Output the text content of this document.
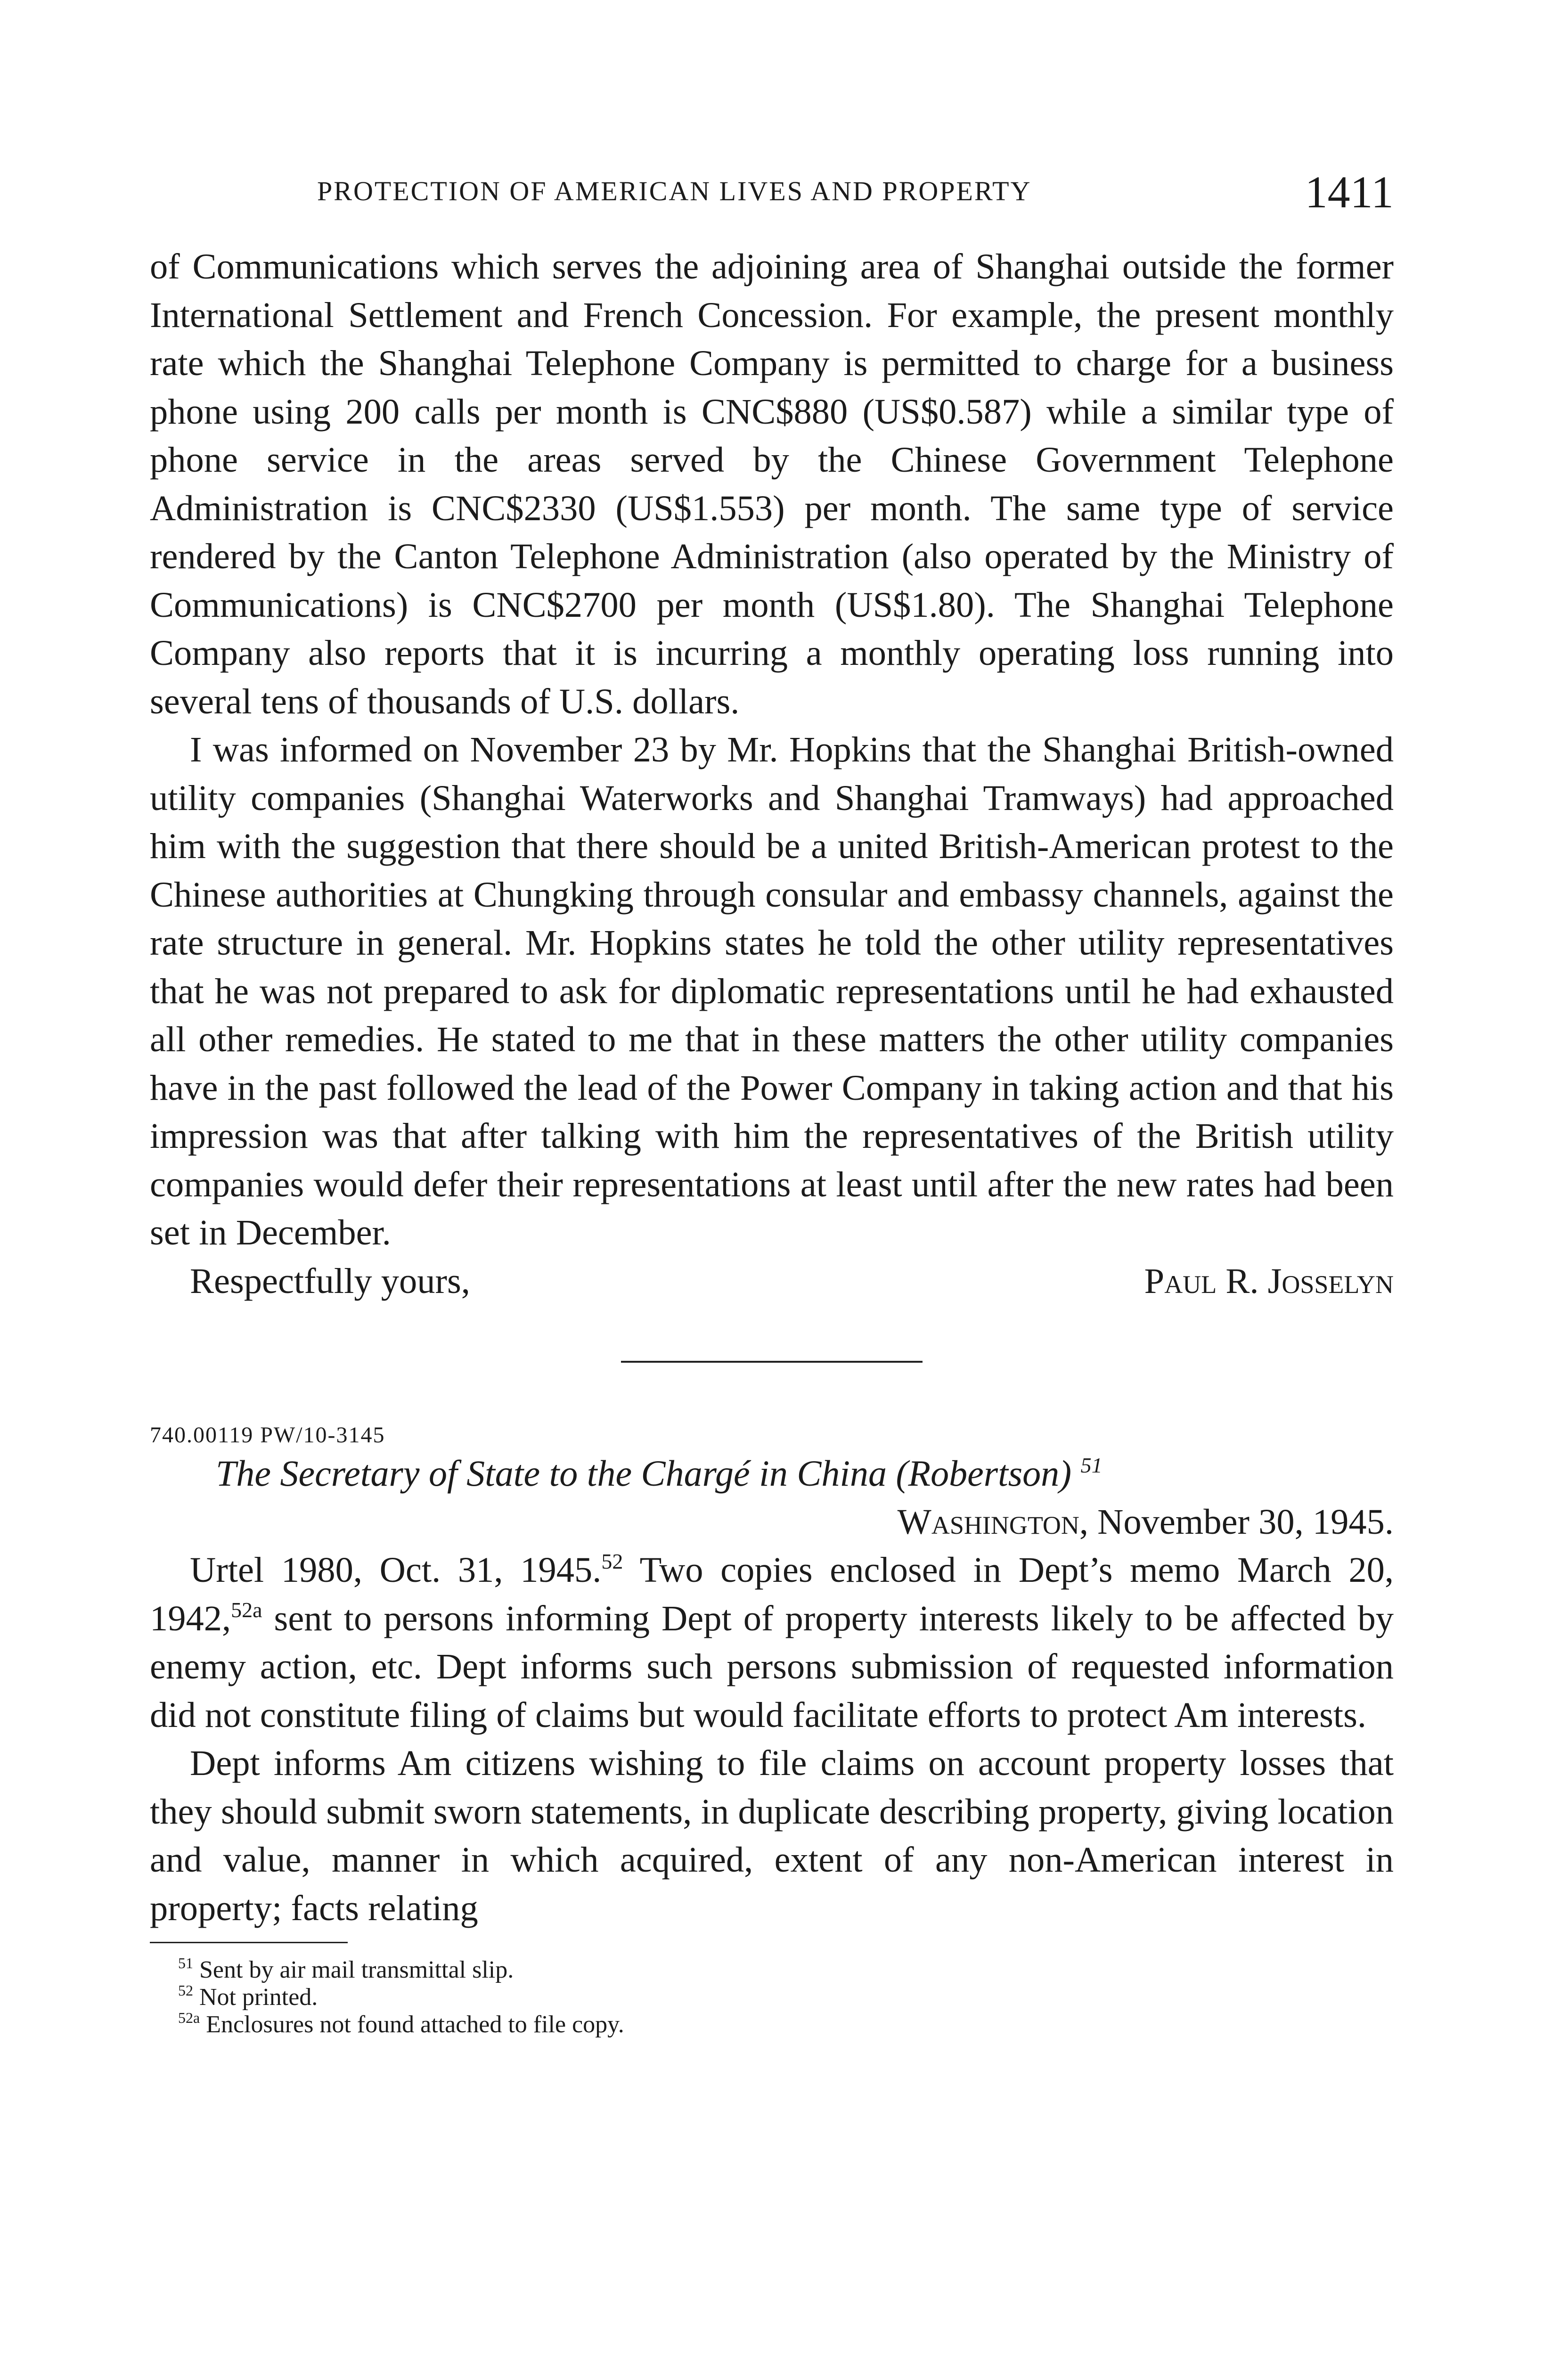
PROTECTION OF AMERICAN LIVES AND PROPERTY	1411

of Communications which serves the adjoining area of Shanghai outside the former International Settlement and French Concession. For example, the present monthly rate which the Shanghai Telephone Company is permitted to charge for a business phone using 200 calls per month is CNC$880 (US$0.587) while a similar type of phone service in the areas served by the Chinese Government Telephone Administration is CNC$2330 (US$1.553) per month. The same type of service rendered by the Canton Telephone Administration (also operated by the Ministry of Communications) is CNC$2700 per month (US$1.80). The Shanghai Telephone Company also reports that it is incurring a monthly operating loss running into several tens of thousands of U.S. dollars.

I was informed on November 23 by Mr. Hopkins that the Shanghai British-owned utility companies (Shanghai Waterworks and Shanghai Tramways) had approached him with the suggestion that there should be a united British-American protest to the Chinese authorities at Chungking through consular and embassy channels, against the rate structure in general. Mr. Hopkins states he told the other utility representatives that he was not prepared to ask for diplomatic representations until he had exhausted all other remedies. He stated to me that in these matters the other utility companies have in the past followed the lead of the Power Company in taking action and that his impression was that after talking with him the representatives of the British utility companies would defer their representations at least until after the new rates had been set in December.

Respectfully yours,	Paul R. Josselyn

740.00119 PW/10-3145

The Secretary of State to the Chargé in China (Robertson) $^{51}$

Washington, November 30, 1945.

Urtel 1980, Oct. 31, 1945.52 Two copies enclosed in Dept’s memo March 20, 1942,$^{52a}$ sent to persons informing Dept of property interests likely to be affected by enemy action, etc. Dept informs such persons submission of requested information did not constitute filing of claims but would facilitate efforts to protect Am interests.

Dept informs Am citizens wishing to file claims on account property losses that they should submit sworn statements, in duplicate describing property, giving location and value, manner in which acquired, extent of any non-American interest in property; facts relating

$^{51}$ Sent by air mail transmittal slip.

$^{52}$ Not printed.

$^{52a}$ Enclosures not found attached to file copy.
